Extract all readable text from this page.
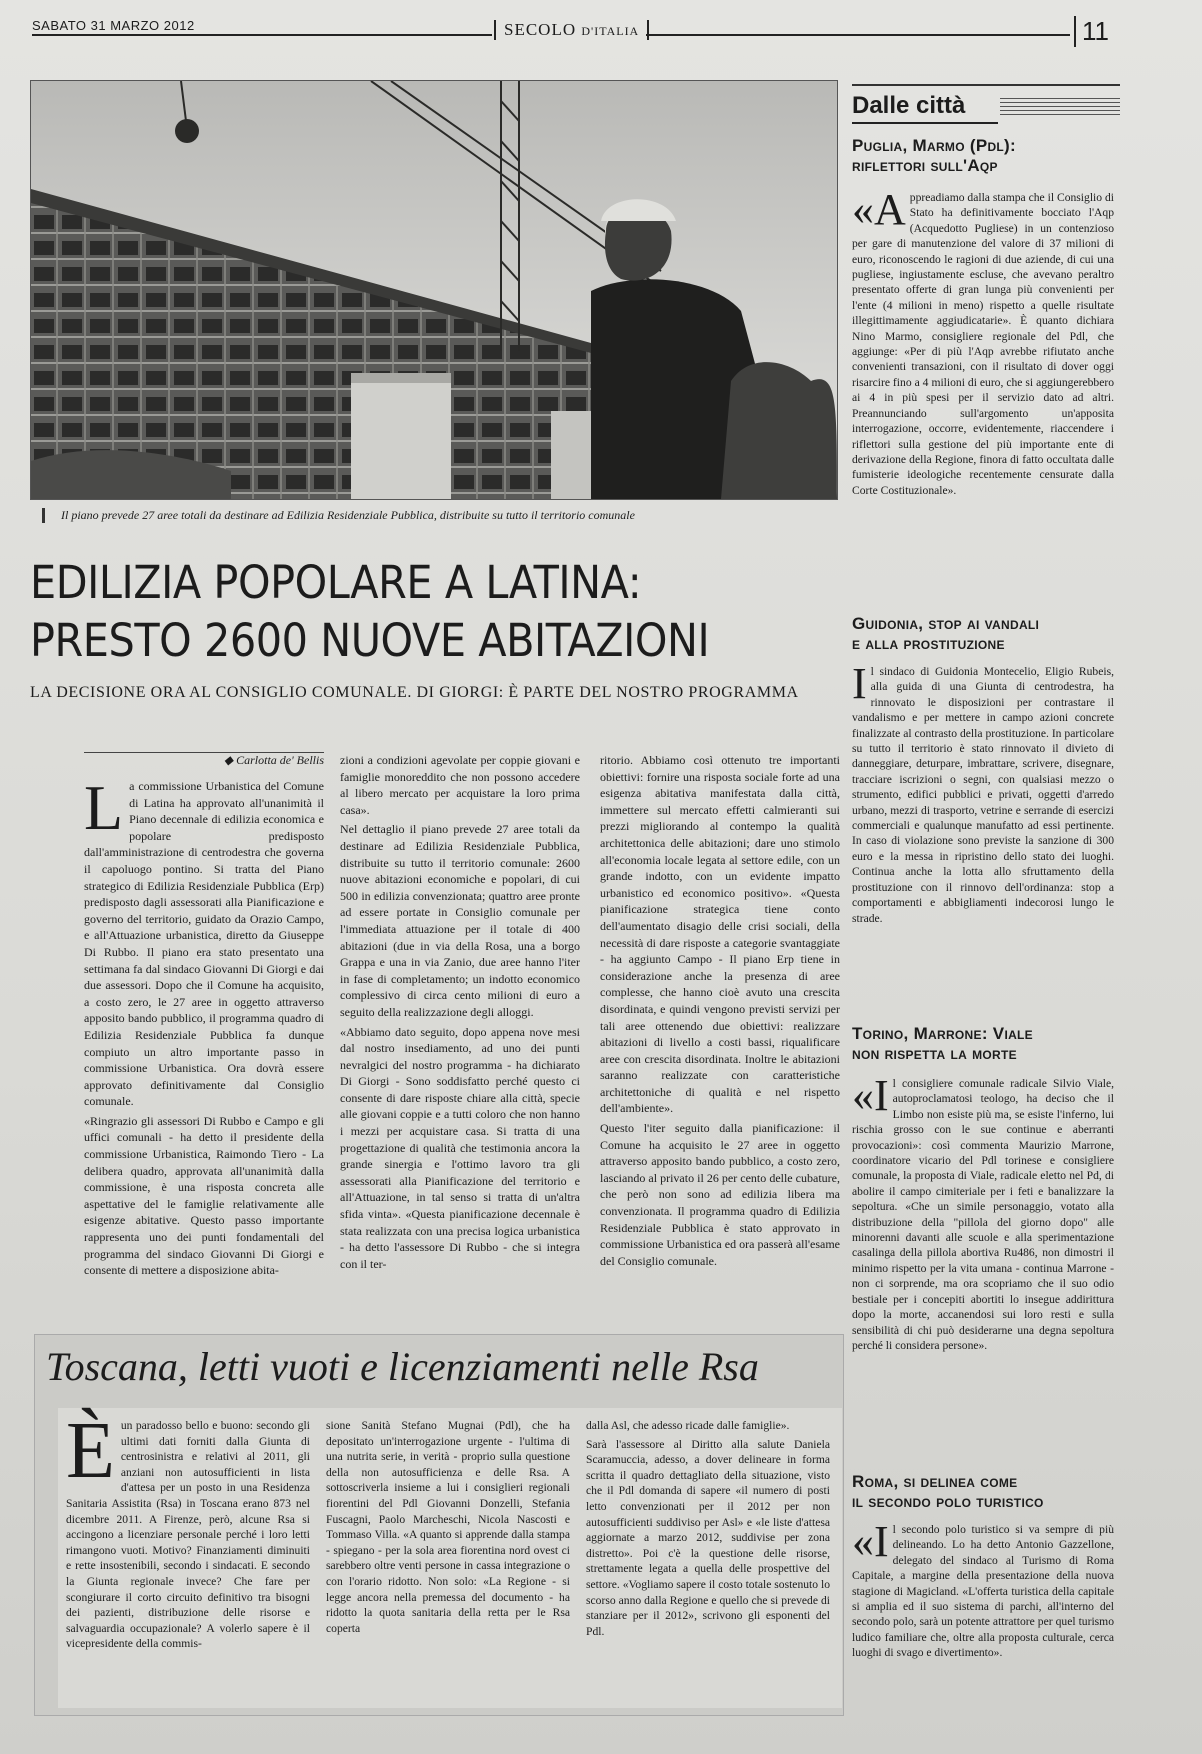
SABATO 31 MARZO 2012	SECOLO D'ITALIA	11
Il piano prevede 27 aree totali da destinare ad Edilizia Residenziale Pubblica, distribuite su tutto il territorio comunale
EDILIZIA POPOLARE A LATINA:
PRESTO 2600 NUOVE ABITAZIONI
LA DECISIONE ORA AL CONSIGLIO COMUNALE. DI GIORGI: È PARTE DEL NOSTRO PROGRAMMA
◆ Carlotta de' Bellis

La commissione Urbanistica del Comune di Latina ha approvato all'unanimità il Piano decennale di edilizia economica e popolare predisposto dall'amministrazione di centrodestra che governa il capoluogo pontino. Si tratta del Piano strategico di Edilizia Residenziale Pubblica (Erp) predisposto dagli assessorati alla Pianificazione e governo del territorio, guidato da Orazio Campo, e all'Attuazione urbanistica, diretto da Giuseppe Di Rubbo. Il piano era stato presentato una settimana fa dal sindaco Giovanni Di Giorgi e dai due assessori. Dopo che il Comune ha acquisito, a costo zero, le 27 aree in oggetto attraverso apposito bando pubblico, il programma quadro di Edilizia Residenziale Pubblica fa dunque compiuto un altro importante passo in commissione Urbanistica. Ora dovrà essere approvato definitivamente dal Consiglio comunale.

«Ringrazio gli assessori Di Rubbo e Campo e gli uffici comunali - ha detto il presidente della commissione Urbanistica, Raimondo Tiero - La delibera quadro, approvata all'unanimità dalla commissione, è una risposta concreta alle aspettative del le famiglie relativamente alle esigenze abitative. Questo passo importante rappresenta uno dei punti fondamentali del programma del sindaco Giovanni Di Giorgi e consente di mettere a disposizione abita-

zioni a condizioni agevolate per coppie giovani e famiglie monoreddito che non possono accedere al libero mercato per acquistare la loro prima casa».

Nel dettaglio il piano prevede 27 aree totali da destinare ad Edilizia Residenziale Pubblica, distribuite su tutto il territorio comunale: 2600 nuove abitazioni economiche e popolari, di cui 500 in edilizia convenzionata; quattro aree pronte ad essere portate in Consiglio comunale per l'immediata attuazione per il totale di 400 abitazioni (due in via della Rosa, una a borgo Grappa e una in via Zanio, due aree hanno l'iter in fase di completamento; un indotto economico complessivo di circa cento milioni di euro a seguito della realizzazione degli alloggi.

«Abbiamo dato seguito, dopo appena nove mesi dal nostro insediamento, ad uno dei punti nevralgici del nostro programma - ha dichiarato Di Giorgi - Sono soddisfatto perché questo ci consente di dare risposte chiare alla città, specie alle giovani coppie e a tutti coloro che non hanno i mezzi per acquistare casa. Si tratta di una progettazione di qualità che testimonia ancora la grande sinergia e l'ottimo lavoro tra gli assessorati alla Pianificazione del territorio e all'Attuazione, in tal senso si tratta di un'altra sfida vinta». «Questa pianificazione decennale è stata realizzata con una precisa logica urbanistica - ha detto l'assessore Di Rubbo - che si integra con il ter-

ritorio. Abbiamo così ottenuto tre importanti obiettivi: fornire una risposta sociale forte ad una esigenza abitativa manifestata dalla città, immettere sul mercato effetti calmieranti sui prezzi migliorando al contempo la qualità architettonica delle abitazioni; dare uno stimolo all'economia locale legata al settore edile, con un grande indotto, con un evidente impatto urbanistico ed economico positivo». «Questa pianificazione strategica tiene conto dell'aumentato disagio delle crisi sociali, della necessità di dare risposte a categorie svantaggiate - ha aggiunto Campo - Il piano Erp tiene in considerazione anche la presenza di aree complesse, che hanno cioè avuto una crescita disordinata, e quindi vengono previsti servizi per tali aree ottenendo due obiettivi: realizzare abitazioni di livello a costi bassi, riqualificare aree con crescita disordinata. Inoltre le abitazioni saranno realizzate con caratteristiche architettoniche di qualità e nel rispetto dell'ambiente».

Questo l'iter seguito dalla pianificazione: il Comune ha acquisito le 27 aree in oggetto attraverso apposito bando pubblico, a costo zero, lasciando al privato il 26 per cento delle cubature, che però non sono ad edilizia libera ma convenzionata. Il programma quadro di Edilizia Residenziale Pubblica è stato approvato in commissione Urbanistica ed ora passerà all'esame del Consiglio comunale.

Dalle città
Puglia, Marmo (Pdl):
riflettori sull'Aqp
«Appreadiamo dalla stampa che il Consiglio di Stato ha definitivamente bocciato l'Aqp (Acquedotto Pugliese) in un contenzioso per gare di manutenzione del valore di 37 milioni di euro, riconoscendo le ragioni di due aziende, di cui una pugliese, ingiustamente escluse, che avevano peraltro presentato offerte di gran lunga più convenienti per l'ente (4 milioni in meno) rispetto a quelle risultate illegittimamente aggiudicatarie». È quanto dichiara Nino Marmo, consigliere regionale del Pdl, che aggiunge: «Per di più l'Aqp avrebbe rifiutato anche convenienti transazioni, con il risultato di dover oggi risarcire fino a 4 milioni di euro, che si aggiungerebbero ai 4 in più spesi per il servizio dato ad altri. Preannunciando sull'argomento un'apposita interrogazione, occorre, evidentemente, riaccendere i riflettori sulla gestione del più importante ente di derivazione della Regione, finora di fatto occultata dalle fumisterie ideologiche recentemente censurate dalla Corte Costituzionale».
Guidonia, stop ai vandali
e alla prostituzione
Il sindaco di Guidonia Montecelio, Eligio Rubeis, alla guida di una Giunta di centrodestra, ha rinnovato le disposizioni per contrastare il vandalismo e per mettere in campo azioni concrete finalizzate al contrasto della prostituzione. In particolare su tutto il territorio è stato rinnovato il divieto di danneggiare, deturpare, imbrattare, scrivere, disegnare, tracciare iscrizioni o segni, con qualsiasi mezzo o strumento, edifici pubblici e privati, oggetti d'arredo urbano, mezzi di trasporto, vetrine e serrande di esercizi commerciali e qualunque manufatto ad essi pertinente. In caso di violazione sono previste la sanzione di 300 euro e la messa in ripristino dello stato dei luoghi. Continua anche la lotta allo sfruttamento della prostituzione con il rinnovo dell'ordinanza: stop a comportamenti e abbigliamenti indecorosi lungo le strade.
Torino, Marrone: Viale
non rispetta la morte
«Il consigliere comunale radicale Silvio Viale, autoproclamatosi teologo, ha deciso che il Limbo non esiste più ma, se esiste l'inferno, lui rischia grosso con le sue continue e aberranti provocazioni»: così commenta Maurizio Marrone, coordinatore vicario del Pdl torinese e consigliere comunale, la proposta di Viale, radicale eletto nel Pd, di abolire il campo cimiteriale per i feti e banalizzare la sepoltura. «Che un simile personaggio, votato alla distribuzione della "pillola del giorno dopo" alle minorenni davanti alle scuole e alla sperimentazione casalinga della pillola abortiva Ru486, non dimostri il minimo rispetto per la vita umana - continua Marrone - non ci sorprende, ma ora scopriamo che il suo odio bestiale per i concepiti abortiti lo insegue addirittura dopo la morte, accanendosi sui loro resti e sulla sensibilità di chi può desiderarne una degna sepoltura perché li considera persone».
Roma, si delinea come
il secondo polo turistico
«Il secondo polo turistico si va sempre di più delineando. Lo ha detto Antonio Gazzellone, delegato del sindaco al Turismo di Roma Capitale, a margine della presentazione della nuova stagione di Magicland. «L'offerta turistica della capitale si amplia ed il suo sistema di parchi, all'interno del secondo polo, sarà un potente attrattore per quel turismo ludico familiare che, oltre alla proposta culturale, cerca luoghi di svago e divertimento».
Toscana, letti vuoti e licenziamenti nelle Rsa

Èun paradosso bello e buono: secondo gli ultimi dati forniti dalla Giunta di centrosinistra e relativi al 2011, gli anziani non autosufficienti in lista d'attesa per un posto in una Residenza Sanitaria Assistita (Rsa) in Toscana erano 873 nel dicembre 2011. A Firenze, però, alcune Rsa si accingono a licenziare personale perché i loro letti rimangono vuoti. Motivo? Finanziamenti diminuiti e rette insostenibili, secondo i sindacati. E secondo la Giunta regionale invece? Che fare per scongiurare il corto circuito definitivo tra bisogni dei pazienti, distribuzione delle risorse e salvaguardia occupazionale? A volerlo sapere è il vicepresidente della commis-

sione Sanità Stefano Mugnai (Pdl), che ha depositato un'interrogazione urgente - l'ultima di una nutrita serie, in verità - proprio sulla questione della non autosufficienza e delle Rsa. A sottoscriverla insieme a lui i consiglieri regionali fiorentini del Pdl Giovanni Donzelli, Stefania Fuscagni, Paolo Marcheschi, Nicola Nascosti e Tommaso Villa. «A quanto si apprende dalla stampa - spiegano - per la sola area fiorentina nord ovest ci sarebbero oltre venti persone in cassa integrazione o con l'orario ridotto. Non solo: «La Regione - si legge ancora nella premessa del documento - ha ridotto la quota sanitaria della retta per le Rsa coperta

dalla Asl, che adesso ricade dalle famiglie».

Sarà l'assessore al Diritto alla salute Daniela Scaramuccia, adesso, a dover delineare in forma scritta il quadro dettagliato della situazione, visto che il Pdl domanda di sapere «il numero di posti letto convenzionati per il 2012 per non autosufficienti suddiviso per Asl» e «le liste d'attesa aggiornate a marzo 2012, suddivise per zona distretto». Poi c'è la questione delle risorse, strettamente legata a quella delle prospettive del settore. «Vogliamo sapere il costo totale sostenuto lo scorso anno dalla Regione e quello che si prevede di stanziare per il 2012», scrivono gli esponenti del Pdl.
